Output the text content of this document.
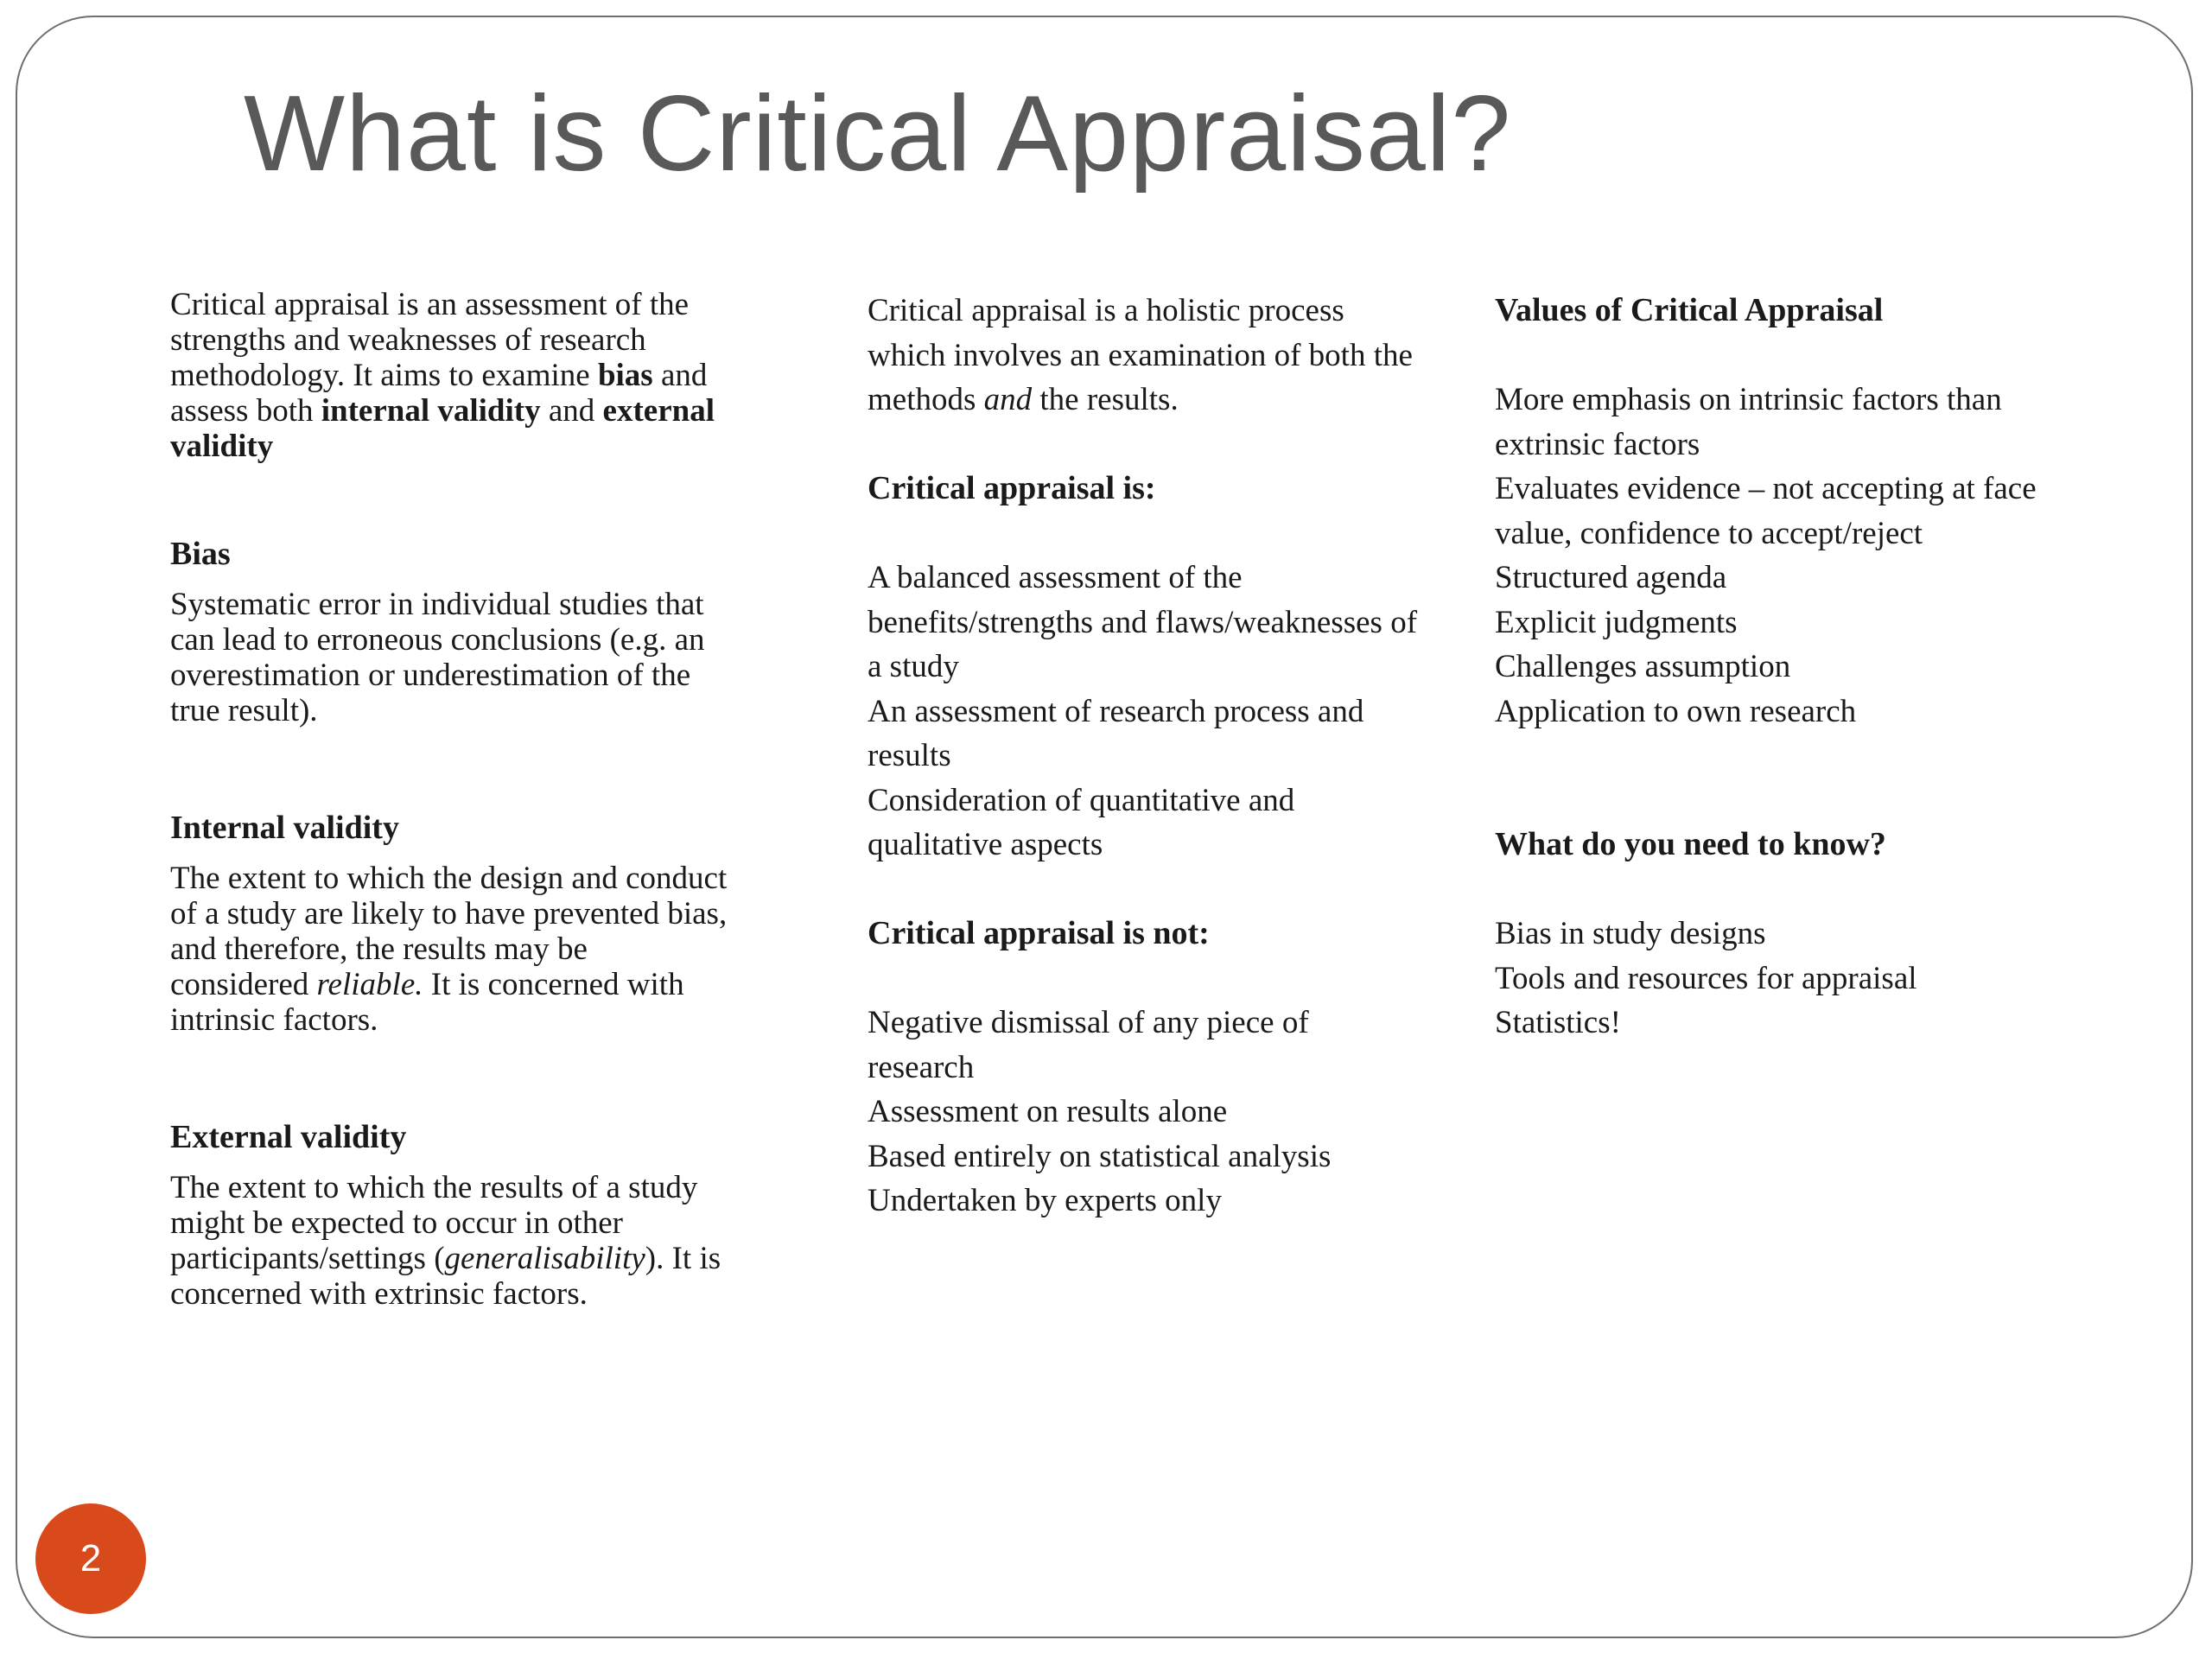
What is Critical Appraisal?

Critical appraisal is an assessment of the strengths and weaknesses of research methodology. It aims to examine bias and assess both internal validity and external validity

Bias

Systematic error in individual studies that can lead to erroneous conclusions (e.g. an overestimation or underestimation of the true result).

Internal validity

The extent to which the design and conduct of a study are likely to have prevented bias, and therefore, the results may be considered reliable. It is concerned with intrinsic factors.

External validity

The extent to which the results of a study might be expected to occur in other participants/settings (generalisability). It is concerned with extrinsic factors.

Critical appraisal is a holistic process which involves an examination of both the methods and the results.

Critical appraisal is:
A balanced assessment of the benefits/strengths and flaws/weaknesses of a study
An assessment of research process and results
Consideration of quantitative and qualitative aspects
Critical appraisal is not:
Negative dismissal of any piece of research
Assessment on results alone
Based entirely on statistical analysis
Undertaken by experts only
Values of Critical Appraisal
More emphasis on intrinsic factors than extrinsic factors
Evaluates evidence – not accepting at face value, confidence to accept/reject
Structured agenda
Explicit judgments
Challenges assumption
Application to own research
What do you need to know?
Bias in study designs
Tools and resources for appraisal
Statistics!
2
